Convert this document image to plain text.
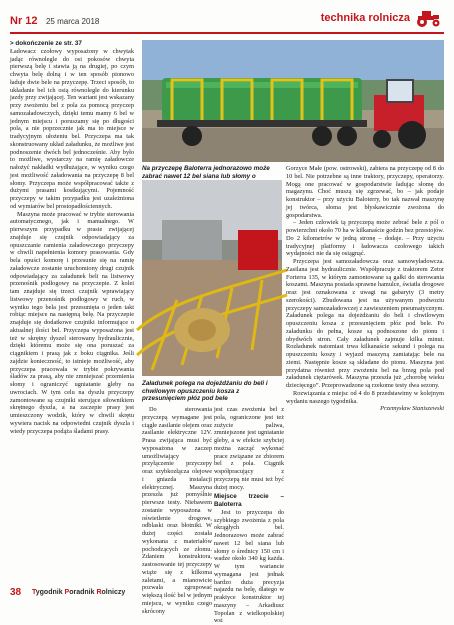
Nr 12 25 marca 2018	technika rolnicza

> dokończenie ze str. 37

Ładowacz czołowy wyposażony w chwytak jadąc równolegle do osi pokosów chwyta pierwszą belę i stawia ją na drugiej, po czym chwyta belę dolną i w ten sposób pionowo ładuje dwie bele na przyczepę. Trzeci sposób, to układanie bel ich osią równolegle do kierunku jazdy przy zwijającej. Ten wariant jest wskazany przy zwożeniu bel z pola za pomocą przyczep samozaładowczych, dzięki temu mamy 6 bel w jednym miejscu i poruszamy się po długości pola, a nie poprzecznie jak ma to miejsce w tradycyjnym ułożeniu bel. Przyczepa ma tak skonstruowany układ załadunku, że możliwe jest podnoszenie dwóch bel jednocześnie. Aby było to możliwe, wystarczy na ramię załadowcze nałożyć nakładki wydłużające, w wyniku czego jest możliwość załadowania na przyczepę 8 bel słomy. Przyczepa może współpracować także z dużymi prasami kostkującymi. Pojemność przyczepy w takim przypadku jest uzależniona od wymiarów bel prostopadłościennych.

Maszyna może pracować w trybie sterowania automatycznego, jak i manualnego. W pierwszym przypadku w prasie zwijającej znajduje się czujnik odpowiadający za opuszczanie ramienia załadowczego przyczepy w chwili napełnienia komory prasowania. Gdy bela opuści komorę i przesunie się na ramię załadowcze zostanie uruchomiony drugi czujnik odpowiadający za załadunek beli na listwowy przenośnik podłogowy na przyczepie. Z kolei tam znajduje się trzeci czujnik wprawiający listwowy przenośnik podłogowy w ruch, w wyniku tego bela jest przesunięta o jeden takt robiąc miejsce na następną belę. Na przyczepie znajduje się dodatkowe czujniki informujące o aktualnej ilości bel. Przyczepa wyposażona jest też w skrętny dyszel sterowany hydraulicznie, dzięki któremu może się ona poruszać za ciągnikiem i prasą jak z boku ciągnika. Jeśli zajdzie konieczność, to istnieje możliwość, aby przyczepa pracowała w trybie pokrywania śladów za prasą, aby nie zmniejszać przemienia słomy i ograniczyć ugniatanie gleby na uwrociach. W tym celu na dyszlu przyczepy zamontowane są czujniki sterujące siłownikiem skrętnego dyszla, a na zaczepie prasy jest umieszczony wodzik, który w chwili skrętu wywiera nacisk na odpowiedni czujnik dyszla i wtedy przyczepa podąża śladami prasy.

Na przyczepę Baloterra jednorazowo może zabrać nawet 12 bel siana lub słomy o

Załadunek polega na dojeżdżaniu do beli i chwilowym opuszczeniu kosza z przesunięciem płóz pod bele

Do sterowania przyczepą wymagane jest ciągłe zasilanie olejem oraz zasilanie elektryczne 12V. Prasa zwijająca musi być wyposażona w zaczep umożliwiający przyłączenie przyczepy oraz szybkozłącza olejowe i gniazda instalacji elektrycznej. Maszyna przeszła już pomyślnie pierwsze testy. Niebawem zostanie wyposażona w oświetlenie drogowe, odblaski oraz błotniki. W dużej części została wykonana z materiałów pochodzących ze złomu. Zdaniem konstruktora, zastosowanie tej przyczepy wiąże się z kilkoma zaletami, a mianowicie pozwala zgrupować większą ilość bel w jednym miejscu, w wyniku czego skrócony

jest czas zwożenia bel z pola, ograniczone jest też zużycie paliwa, zmniejszone jest ugniatanie gleby, a w efekcie szybciej można zacząć wykonać prace związane ze zbiorem bel z pola. Ciągnik współpracujący z przyczepą nie musi też być dużej mocy.

Miejsce trzecie – Baloterra

Jest to przyczepa do szybkiego zwożenia z pola okrągłych bel. Jednorazowo może zabrać nawet 12 bel siana lub słomy o średnicy 150 cm i wadze około 340 kg każda. W tym wariancie wymagana jest jednak bardzo duża precyzja najazdu na belę, dlatego w praktyce konstruktor tej maszyny – Arkadiusz Topolan z wielkopolskiej wsi

Gorzyce Małe (pow. ostrowski), zabiera na przyczepę od 8 do 10 bel. Nie potrzebne są inne traktory, przyczepy, operatorzy. Mogą one pracować w gospodarstwie ładując słomę do magazynu. Choć muszą się zgrzewać, bo – jak podaje konstruktor – przy użyciu Baloterry, bo tak nazwał maszynę jej twórca, słoma jest błyskawicznie zwożona do gospodarstwa.

– Jeden człowiek tą przyczepą może zebrać bele z pól o powierzchni około 70 ha w kilkanaście godzin bez przestojów. Do 2 kilometrów w jedną stronę – dodaje. – Przy użyciu tradycyjnej platformy i ładowacza czołowego takich wydajności nie da się osiągnąć.

Przyczepa jest samozaładowcza oraz samowyładowcza. Zasilana jest hydraulicznie. Współpracuje z traktorem Zetor Forterra 135, w którym zamontowane są gałki do sterowania koszami. Maszyna posiada sprawne hamulce, światła drogowe oraz jest oznakowana z uwagi na gabaryty (3 metry szerokości). Zbudowana jest na używanym podwoziu przyczepy samozaładowczej z zawieszeniem pneumatycznym. Załadunek polega na dojeżdżaniu do beli i chwilowym opuszczeniu kosza z przesunięciem płóz pod bele. Po załadunku do pełna, kosze są podnoszone do pionu i obydwóch stron. Cały załadunek zajmuje kilka minut. Rozładunek natomiast trwa kilkanaście sekund i polega na opuszczeniu koszy i wyjazd maszyną zamiatając bele na ziemi. Następnie kosze są składane do pionu. Maszyna jest przydatna również przy zwożeniu bel na brzeg pola pod załadunek ciężarówek. Maszyna przeszła już „chorobę wieku dziecięcego”. Przeprowadzone są rzekome testy dwa sezony.

Rozwiązania z miejsc od 4 do 8 przedstawimy w kolejnym wydaniu naszego tygodnika.

Przemysław Staniszewski

38 Tygodnik Poradnik Rolniczy
